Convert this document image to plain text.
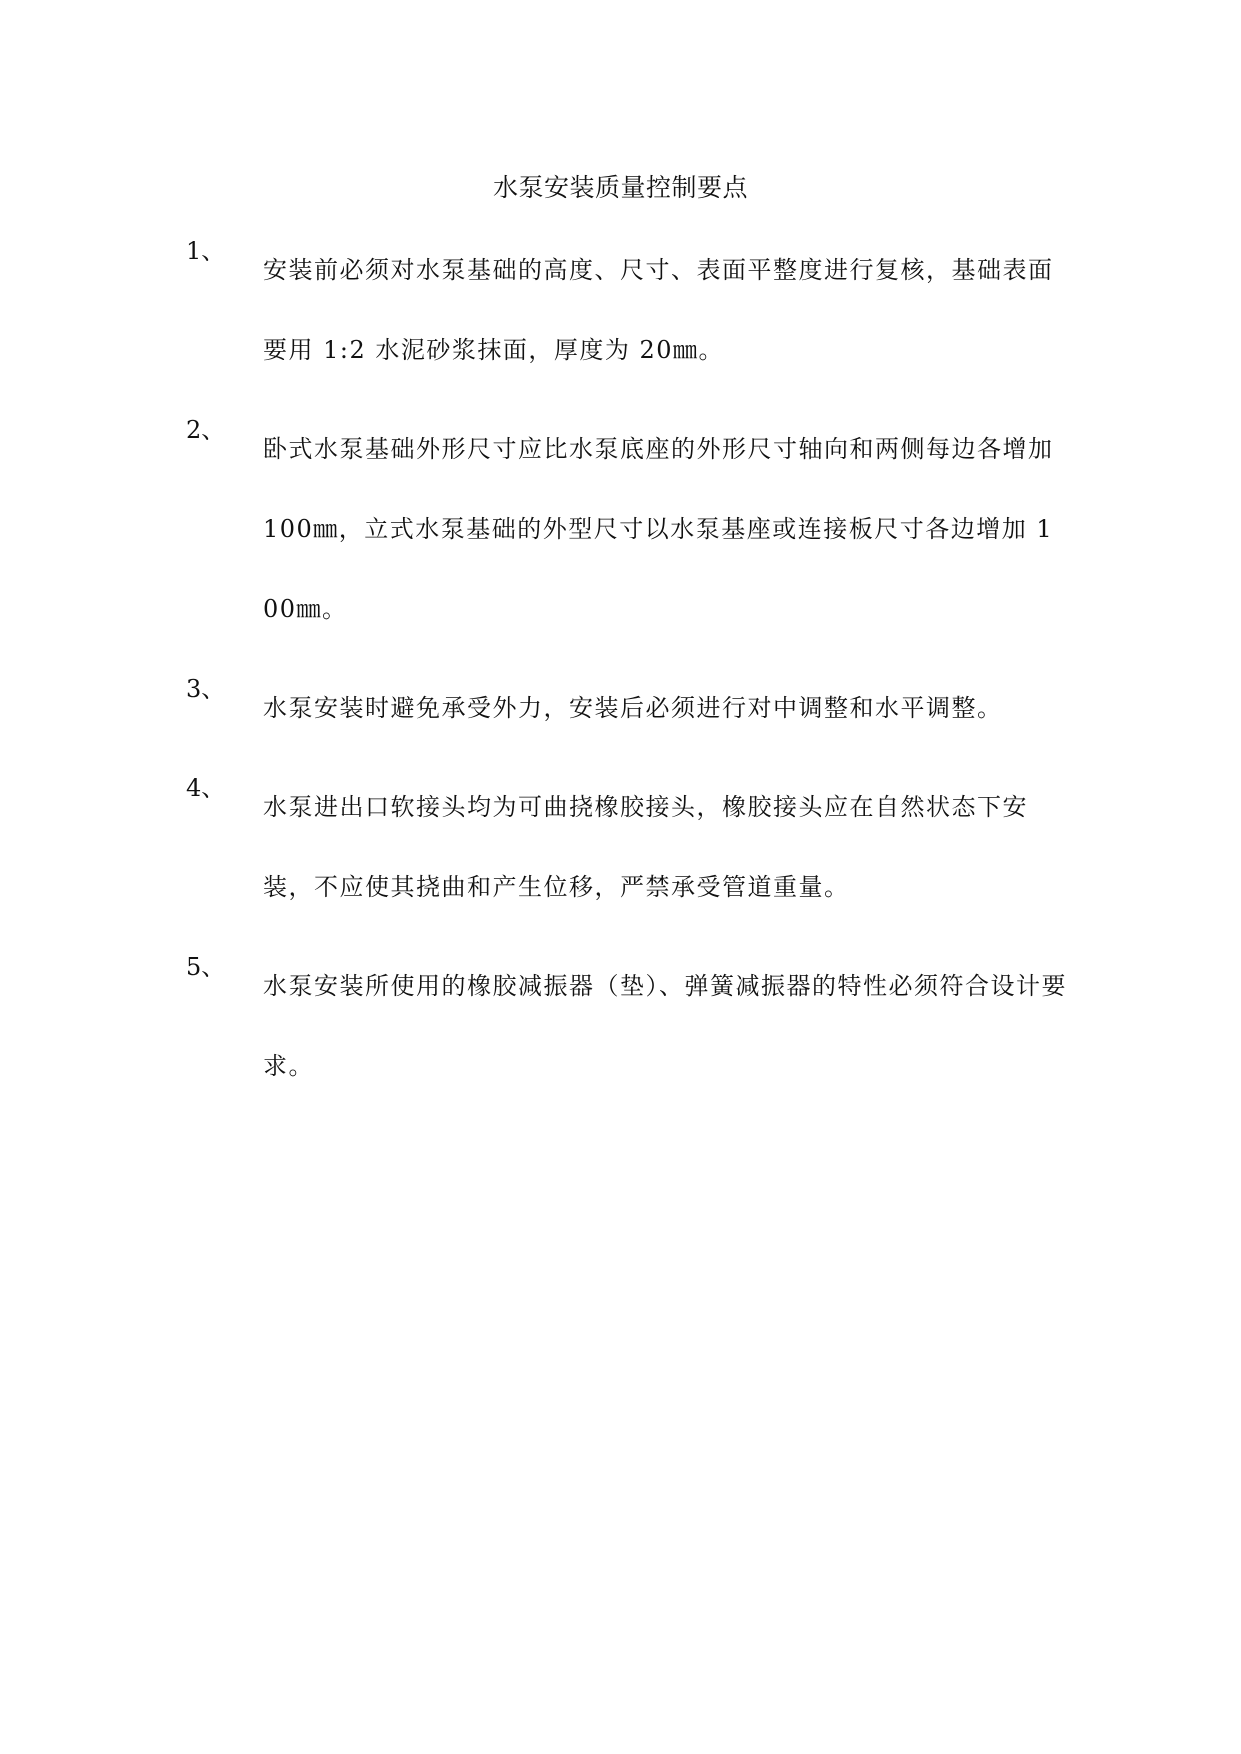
水泵安装质量控制要点
1、
安装前必须对水泵基础的高度、尺寸、表面平整度进行复核，基础表面要用 1:2 水泥砂浆抹面，厚度为 20㎜。
2、
卧式水泵基础外形尺寸应比水泵底座的外形尺寸轴向和两侧每边各增加 100㎜，立式水泵基础的外型尺寸以水泵基座或连接板尺寸各边增加 100㎜。
3、
水泵安装时避免承受外力，安装后必须进行对中调整和水平调整。
4、
水泵进出口软接头均为可曲挠橡胶接头，橡胶接头应在自然状态下安装，不应使其挠曲和产生位移，严禁承受管道重量。
5、
水泵安装所使用的橡胶减振器（垫）、弹簧减振器的特性必须符合设计要求。
